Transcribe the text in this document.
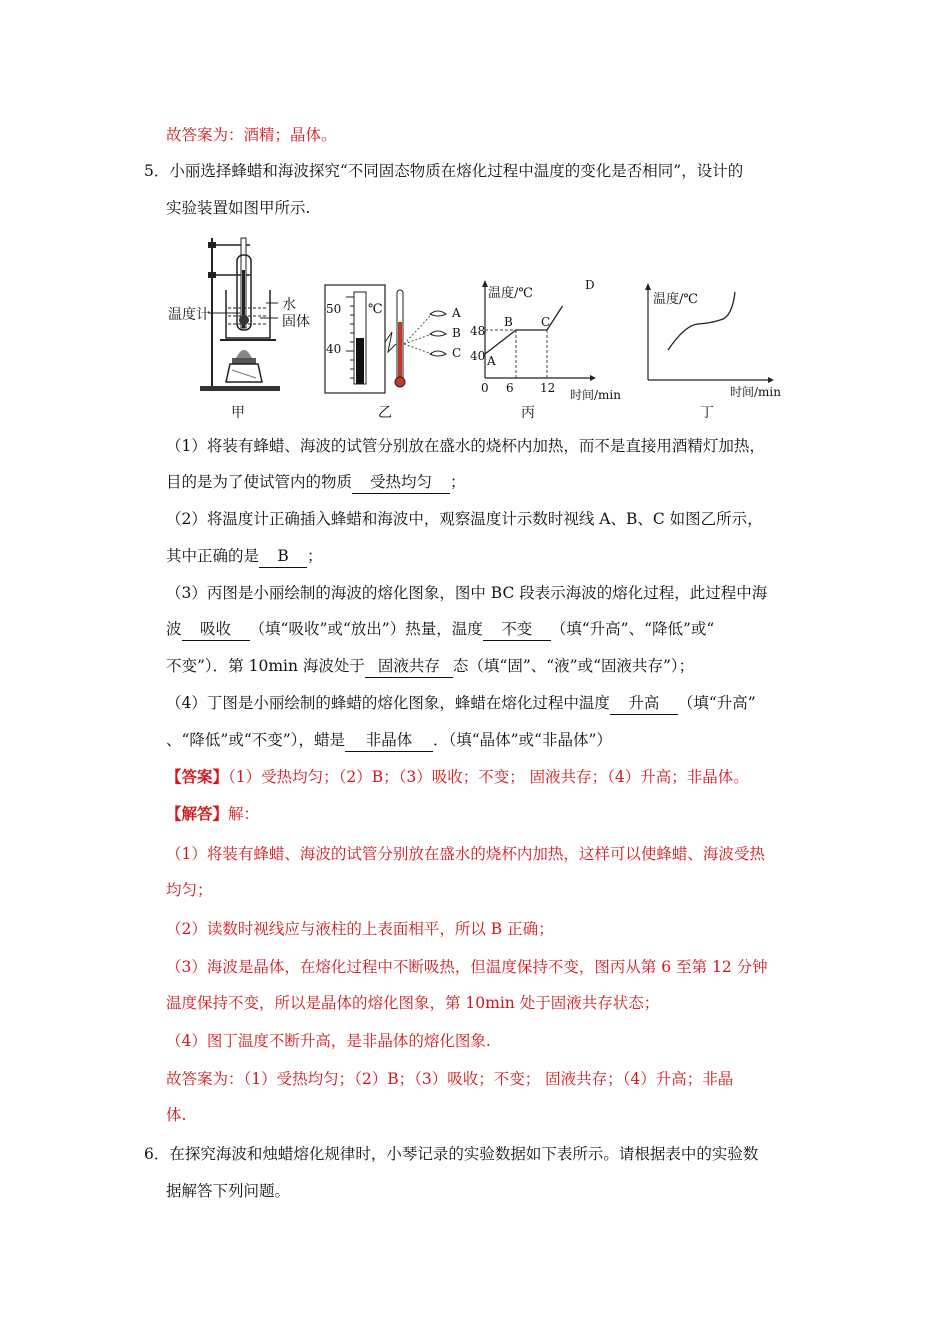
故答案为：酒精；晶体。
5．小丽选择蜂蜡和海波探究“不同固态物质在熔化过程中温度的变化是否相同”，设计的
实验装置如图甲所示.
温度计
水
固体
甲
50
40
℃	A
B
C
乙
温度/℃
时间/min
48
40
0 6 12
A
B C
D
丙
温度/℃
时间/min
丁
（1）将装有蜂蜡、海波的试管分别放在盛水的烧杯内加热，而不是直接用酒精灯加热，
目的是为了使试管内的物质 受热均匀 ；
（2）将温度计正确插入蜂蜡和海波中，观察温度计示数时视线 A、B、C 如图乙所示，
其中正确的是 B ；
（3）丙图是小丽绘制的海波的熔化图象，图中 BC 段表示海波的熔化过程，此过程中海
波 吸收 （填“吸收”或“放出”）热量，温度 不变 （填“升高”、“降低”或“
不变”）．第 10min 海波处于 固液共存 态（填“固”、“液”或“固液共存”）；
（4）丁图是小丽绘制的蜂蜡的熔化图象，蜂蜡在熔化过程中温度 升高 （填“升高”
、“降低”或“不变”），蜡是 非晶体 ．（填“晶体”或“非晶体”）
【答案】（1）受热均匀；（2）B；（3）吸收；不变； 固液共存；（4）升高；非晶体。
【解答】解：
（1）将装有蜂蜡、海波的试管分别放在盛水的烧杯内加热，这样可以使蜂蜡、海波受热
均匀；
（2）读数时视线应与液柱的上表面相平，所以 B 正确；
（3）海波是晶体，在熔化过程中不断吸热，但温度保持不变，图丙从第 6 至第 12 分钟
温度保持不变，所以是晶体的熔化图象，第 10min 处于固液共存状态；
（4）图丁温度不断升高，是非晶体的熔化图象.
故答案为：（1）受热均匀；（2）B；（3）吸收；不变； 固液共存；（4）升高；非晶
体.
6．在探究海波和烛蜡熔化规律时，小琴记录的实验数据如下表所示。请根据表中的实验数
据解答下列问题。
